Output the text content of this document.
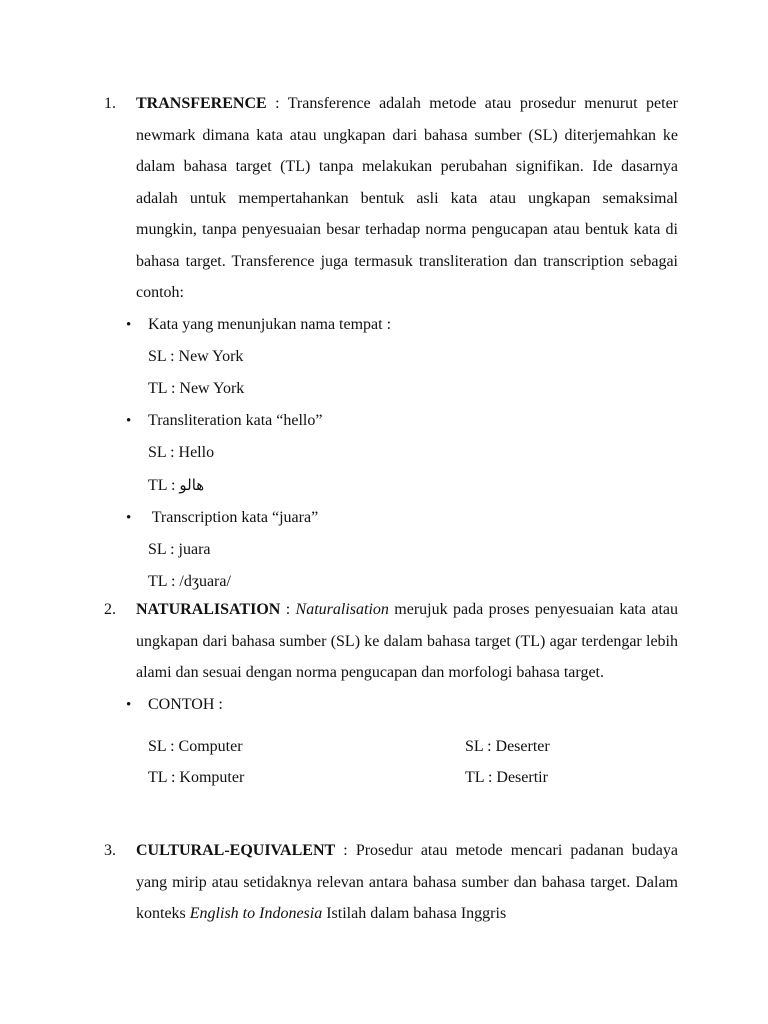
1. TRANSFERENCE : Transference adalah metode atau prosedur menurut peter newmark dimana kata atau ungkapan dari bahasa sumber (SL) diterjemahkan ke dalam bahasa target (TL) tanpa melakukan perubahan signifikan. Ide dasarnya adalah untuk mempertahankan bentuk asli kata atau ungkapan semaksimal mungkin, tanpa penyesuaian besar terhadap norma pengucapan atau bentuk kata di bahasa target. Transference juga termasuk transliteration dan transcription sebagai contoh:
• Kata yang menunjukan nama tempat :
SL : New York
TL : New York
• Transliteration kata “hello”
SL : Hello
TL : هالو
• Transcription kata “juara”
SL : juara
TL : /dʒuara/
2. NATURALISATION : Naturalisation merujuk pada proses penyesuaian kata atau ungkapan dari bahasa sumber (SL) ke dalam bahasa target (TL) agar terdengar lebih alami dan sesuai dengan norma pengucapan dan morfologi bahasa target.
• CONTOH :
SL : Computer
TL : Komputer
SL : Deserter
TL : Desertir
3. CULTURAL-EQUIVALENT : Prosedur atau metode mencari padanan budaya yang mirip atau setidaknya relevan antara bahasa sumber dan bahasa target. Dalam konteks English to Indonesia Istilah dalam bahasa Inggris
